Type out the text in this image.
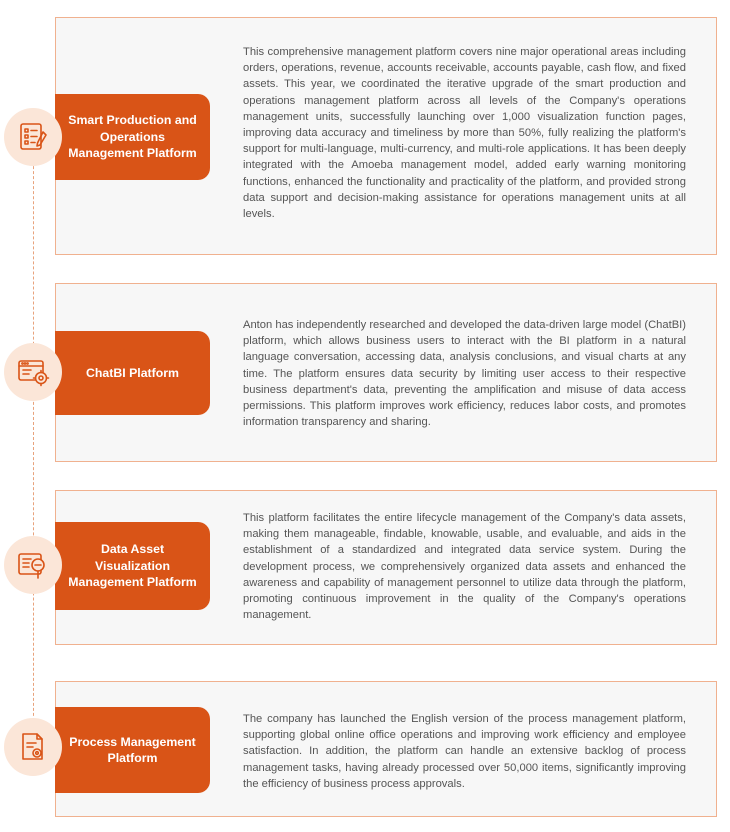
This comprehensive management platform covers nine major operational areas including orders, operations, revenue, accounts receivable, accounts payable, cash flow, and fixed assets. This year, we coordinated the iterative upgrade of the smart production and operations management platform across all levels of the Company's operations management units, successfully launching over 1,000 visualization function pages, improving data accuracy and timeliness by more than 50%, fully realizing the platform's support for multi-language, multi-currency, and multi-role applications. It has been deeply integrated with the Amoeba management model, added early warning monitoring functions, enhanced the functionality and practicality of the platform, and provided strong data support and decision-making assistance for operations management units at all levels.
Smart Production and Operations Management Platform
Anton has independently researched and developed the data-driven large model (ChatBI) platform, which allows business users to interact with the BI platform in a natural language conversation, accessing data, analysis conclusions, and visual charts at any time. The platform ensures data security by limiting user access to their respective business department's data, preventing the amplification and misuse of data access permissions. This platform improves work efficiency, reduces labor costs, and promotes information transparency and sharing.
ChatBI Platform
This platform facilitates the entire lifecycle management of the Company's data assets, making them manageable, findable, knowable, usable, and evaluable, and aids in the establishment of a standardized and integrated data service system. During the development process, we comprehensively organized data assets and enhanced the awareness and capability of management personnel to utilize data through the platform, promoting continuous improvement in the quality of the Company's operations management.
Data Asset Visualization Management Platform
The company has launched the English version of the process management platform, supporting global online office operations and improving work efficiency and employee satisfaction. In addition, the platform can handle an extensive backlog of process management tasks, having already processed over 50,000 items, significantly improving the efficiency of business process approvals.
Process Management Platform
